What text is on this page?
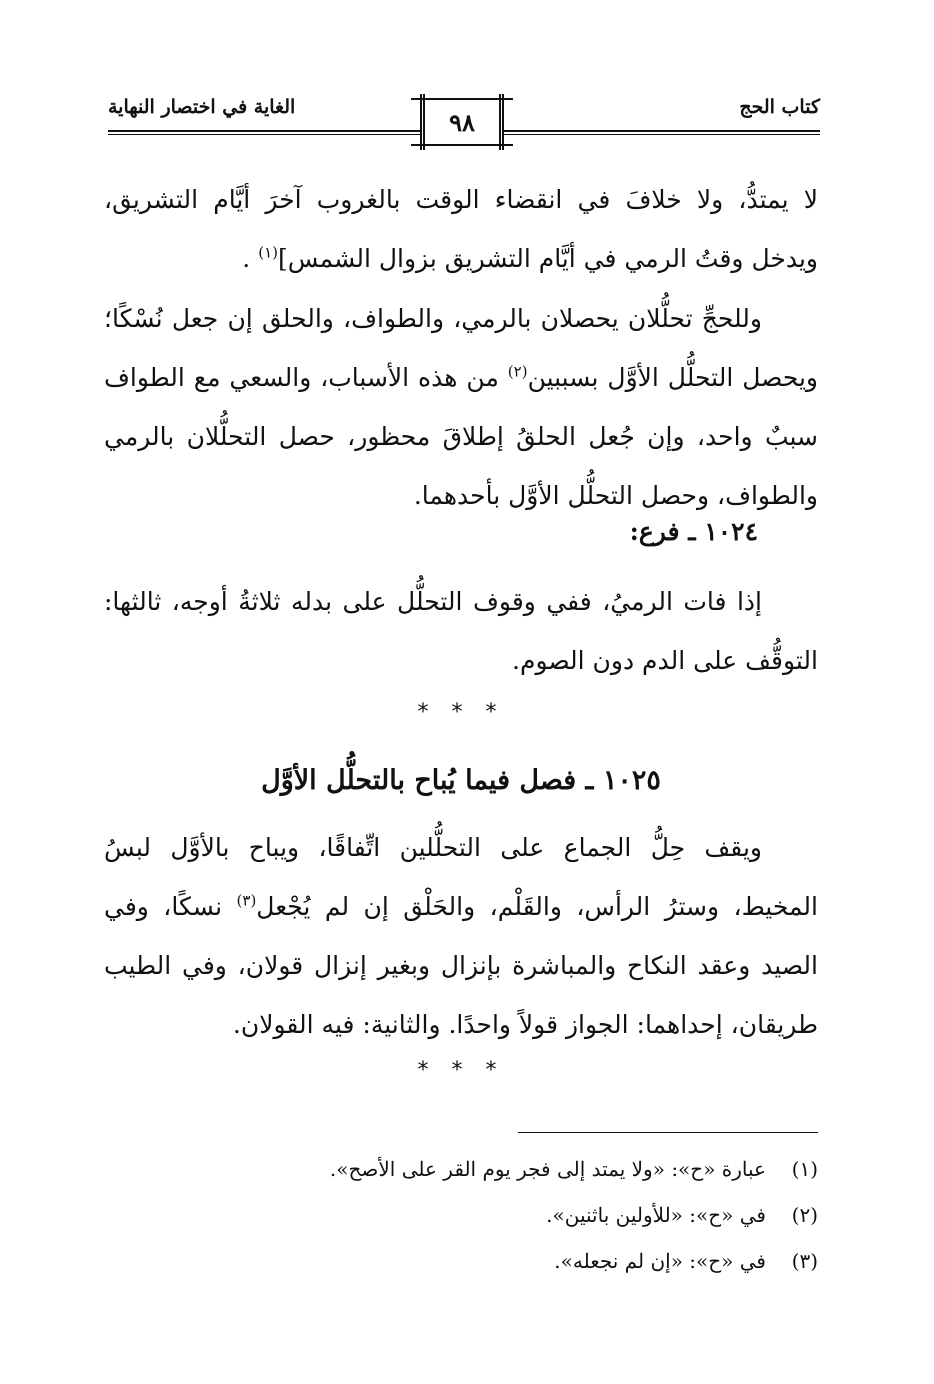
كتاب الحج
الغاية في اختصار النهاية
٩٨
لا يمتدُّ، ولا خلافَ في انقضاء الوقت بالغروب آخرَ أيَّام التشريق، ويدخل وقتُ الرمي في أيَّام التشريق بزوال الشمس]$^{(١)}$ .
وللحجِّ تحلُّلان يحصلان بالرمي، والطواف، والحلق إن جعل نُسْكًا؛ ويحصل التحلُّل الأوَّل بسببين$^{(٢)}$ من هذه الأسباب، والسعي مع الطواف سببٌ واحد، وإن جُعل الحلقُ إطلاقَ محظور، حصل التحلُّلان بالرمي والطواف، وحصل التحلُّل الأوَّل بأحدهما.
١٠٢٤ ـ فرع:
إذا فات الرميُ، ففي وقوف التحلُّل على بدله ثلاثةُ أوجه، ثالثها: التوقُّف على الدم دون الصوم.
* * *
١٠٢٥ ـ فصل فيما يُباح بالتحلُّل الأوَّل
ويقف حِلُّ الجماع على التحلُّلين اتِّفاقًا، ويباح بالأوَّل لبسُ المخيط، وسترُ الرأس، والقَلْم، والحَلْق إن لم يُجْعل$^{(٣)}$ نسكًا، وفي الصيد وعقد النكاح والمباشرة بإنزال وبغير إنزال قولان، وفي الطيب طريقان، إحداهما: الجواز قولاً واحدًا. والثانية: فيه القولان.
* * *
(١)
عبارة «ح»: «ولا يمتد إلى فجر يوم القر على الأصح».
(٢)
في «ح»: «للأولين باثنين».
(٣)
في «ح»: «إن لم نجعله».
